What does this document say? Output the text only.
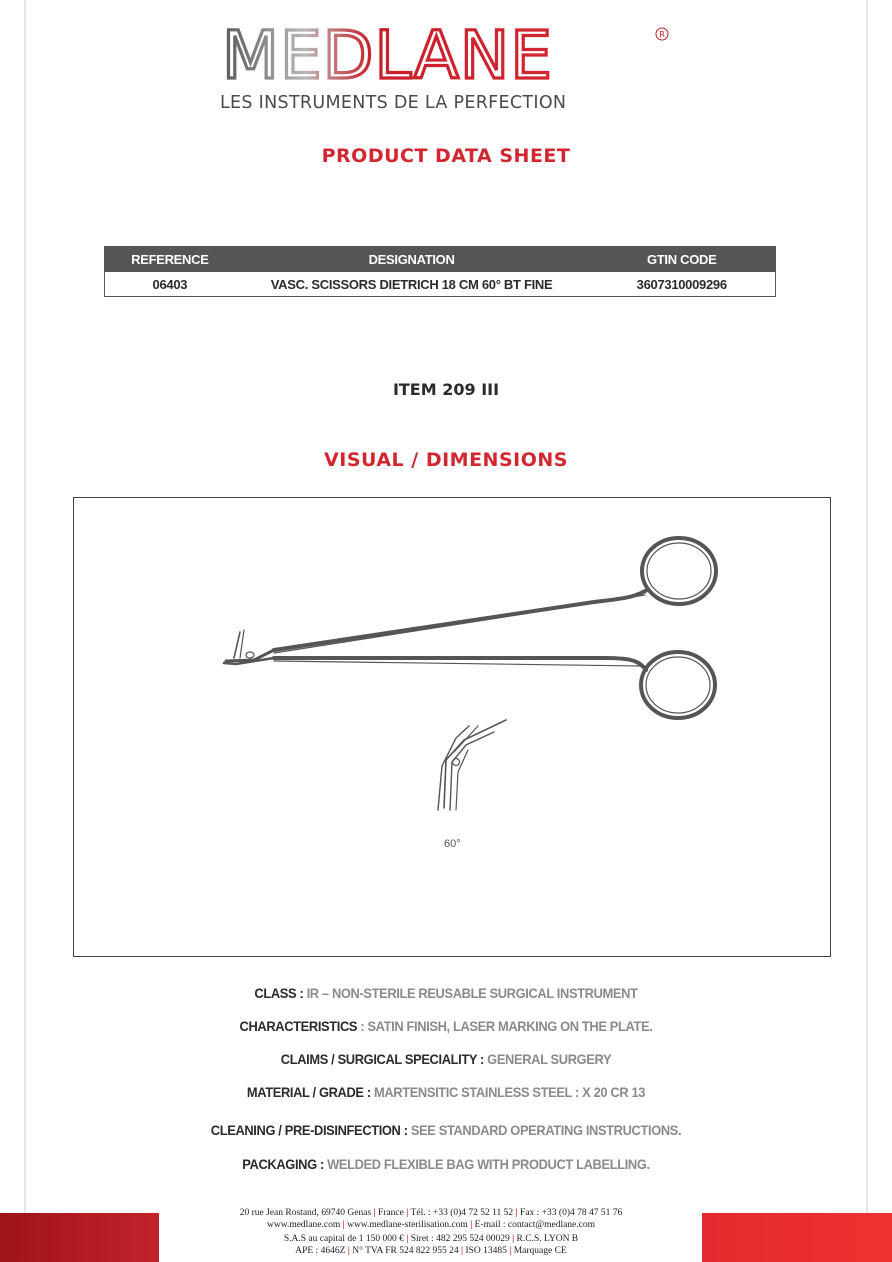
MEDLANE	R
LES INSTRUMENTS DE LA PERFECTION
PRODUCT DATA SHEET
REFERENCE	DESIGNATION	GTIN CODE
06403	VASC. SCISSORS DIETRICH 18 CM 60° BT FINE	3607310009296
ITEM 209 III
VISUAL / DIMENSIONS
60°
CLASS : IR – NON-STERILE REUSABLE SURGICAL INSTRUMENT
CHARACTERISTICS : SATIN FINISH, LASER MARKING ON THE PLATE.
CLAIMS / SURGICAL SPECIALITY : GENERAL SURGERY
MATERIAL / GRADE : MARTENSITIC STAINLESS STEEL : X 20 CR 13
CLEANING / PRE-DISINFECTION : SEE STANDARD OPERATING INSTRUCTIONS.
PACKAGING : WELDED FLEXIBLE BAG WITH PRODUCT LABELLING.
20 rue Jean Rostand, 69740 Genas | France | Tél. : +33 (0)4 72 52 11 52 | Fax : +33 (0)4 78 47 51 76
www.medlane.com | www.medlane-sterilisation.com | E-mail : contact@medlane.com
S.A.S au capital de 1 150 000 € | Siret : 482 295 524 00029 | R.C.S. LYON B
APE : 4646Z | N° TVA FR 524 822 955 24 | ISO 13485 | Marquage CE
